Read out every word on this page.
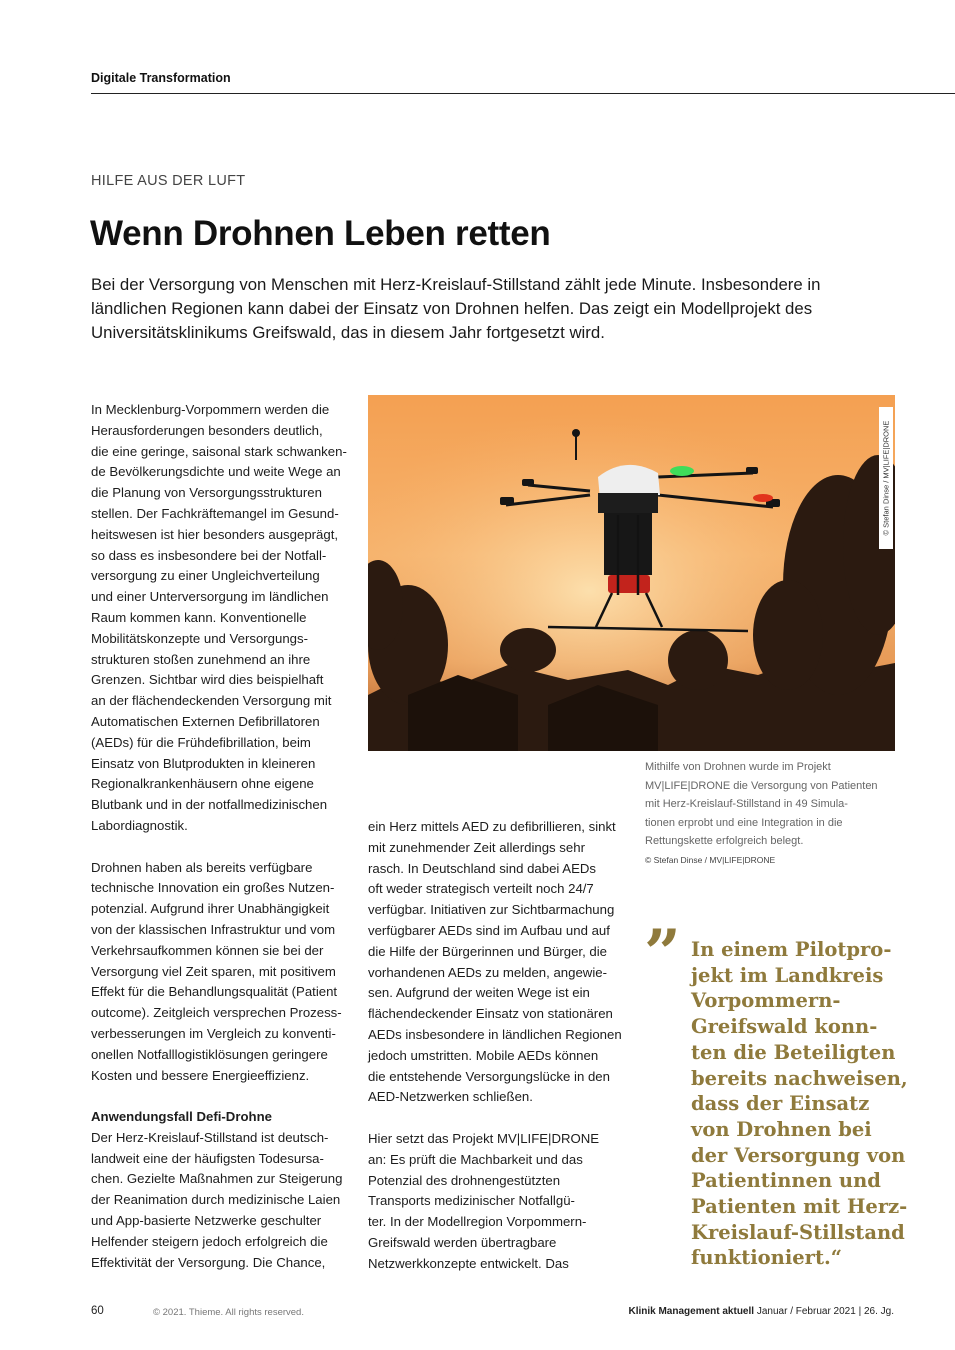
Digitale Transformation
HILFE AUS DER LUFT
Wenn Drohnen Leben retten
Bei der Versorgung von Menschen mit Herz-Kreislauf-Stillstand zählt jede Minute. Insbesondere in ländlichen Regionen kann dabei der Einsatz von Drohnen helfen. Das zeigt ein Modellprojekt des Universitätsklinikums Greifswald, das in diesem Jahr fortgesetzt wird.

In Mecklenburg-Vorpommern werden die

Herausforderungen besonders deutlich,

die eine geringe, saisonal stark schwanken-

de Bevölkerungsdichte und weite Wege an

die Planung von Versorgungsstrukturen

stellen. Der Fachkräftemangel im Gesund-

heitswesen ist hier besonders ausgeprägt,

so dass es insbesondere bei der Notfall-

versorgung zu einer Ungleichverteilung

und einer Unterversorgung im ländlichen

Raum kommen kann. Konventionelle

Mobilitätskonzepte und Versorgungs-

strukturen stoßen zunehmend an ihre

Grenzen. Sichtbar wird dies beispielhaft

an der flächendeckenden Versorgung mit

Automatischen Externen Defibrillatoren

(AEDs) für die Frühdefibrillation, beim

Einsatz von Blutprodukten in kleineren

Regionalkrankenhäusern ohne eigene

Blutbank und in der notfallmedizinischen

Labordiagnostik.

Drohnen haben als bereits verfügbare

technische Innovation ein großes Nutzen-

potenzial. Aufgrund ihrer Unabhängigkeit

von der klassischen Infrastruktur und vom

Verkehrsaufkommen können sie bei der

Versorgung viel Zeit sparen, mit positivem

Effekt für die Behandlungsqualität (Patient

outcome). Zeitgleich versprechen Prozess-

verbesserungen im Vergleich zu konventi-

onellen Notfalllogistiklösungen geringere

Kosten und bessere Energieeffizienz.

Anwendungsfall Defi-Drohne

Der Herz-Kreislauf-Stillstand ist deutsch-

landweit eine der häufigsten Todesursa-

chen. Gezielte Maßnahmen zur Steigerung

der Reanimation durch medizinische Laien

und App-basierte Netzwerke geschulter

Helfender steigern jedoch erfolgreich die

Effektivität der Versorgung. Die Chance,

© Stefan Dinse / MV|LIFE|DRONE

Mithilfe von Drohnen wurde im Projekt

MV|LIFE|DRONE die Versorgung von Patienten

mit Herz-Kreislauf-Stillstand in 49 Simula-

tionen erprobt und eine Integration in die

Rettungskette erfolgreich belegt.

© Stefan Dinse / MV|LIFE|DRONE

ein Herz mittels AED zu defibrillieren, sinkt

mit zunehmender Zeit allerdings sehr

rasch. In Deutschland sind dabei AEDs

oft weder strategisch verteilt noch 24/7

verfügbar. Initiativen zur Sichtbarmachung

verfügbarer AEDs sind im Aufbau und auf

die Hilfe der Bürgerinnen und Bürger, die

vorhandenen AEDs zu melden, angewie-

sen. Aufgrund der weiten Wege ist ein

flächendeckender Einsatz von stationären

AEDs insbesondere in ländlichen Regionen

jedoch umstritten. Mobile AEDs können

die entstehende Versorgungslücke in den

AED-Netzwerken schließen.

Hier setzt das Projekt MV|LIFE|DRONE

an: Es prüft die Machbarkeit und das

Potenzial des drohnengestützten

Transports medizinischer Notfallgü-

ter. In der Modellregion Vorpommern-

Greifswald werden übertragbare

Netzwerkkonzepte entwickelt. Das

” In einem Pilotpro-

jekt im Landkreis

Vorpommern-

Greifswald konn-

ten die Beteiligten

bereits nachweisen,

dass der Einsatz

von Drohnen bei

der Versorgung von

Patientinnen und

Patienten mit Herz-

Kreislauf-Stillstand

funktioniert.“

60	© 2021. Thieme. All rights reserved.	Klinik Management aktuell Januar / Februar 2021 | 26. Jg.
